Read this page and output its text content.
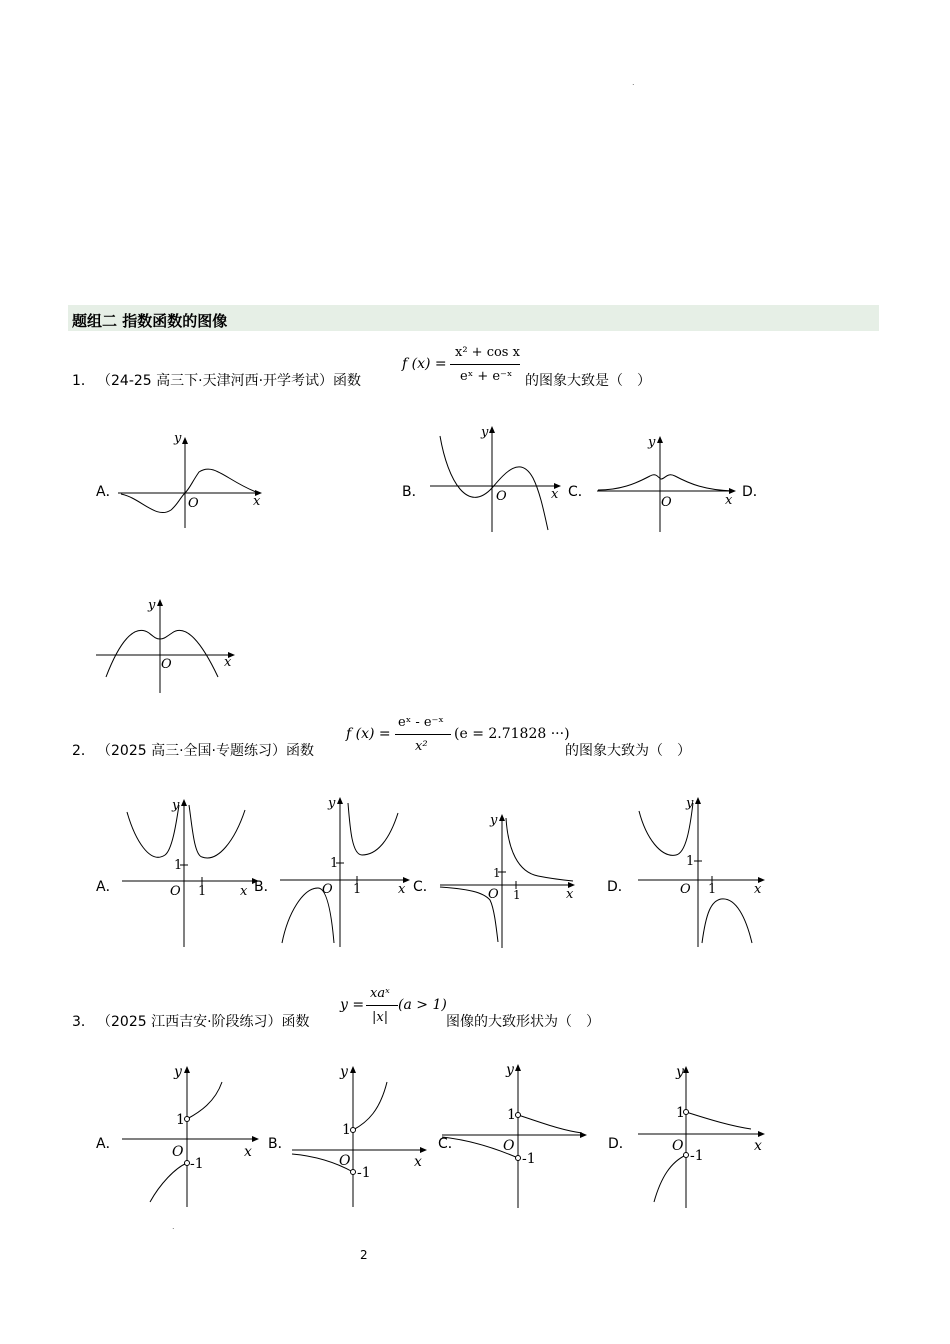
.
题组二 指数函数的图像
1． （24-25 高三下·天津河西·开学考试）函数
f (x) =
x² + cos x
eˣ + e⁻ˣ 的图象大致是（　）
A．	B．	C．	D．
y
O	x
y
O	x
y
O	x
y
O	x
2． （2025 高三·全国·专题练习）函数
f (x) =
eˣ - e⁻ˣ
x²
(e = 2.71828 ···)
的图象大致为（　）
A．	B．	C．	D．
y
1
O 1	x
y
1
O 1	x
y
1
O 1	x
y
1
O 1	x
3． （2025 江西吉安·阶段练习）函数
y =
xaˣ
|x|
(a > 1)
图像的大致形状为（　）
A．	B．	C．	D．
y
1
O
-1
x
y
1
O
-1
x
y
1
O
-1
y
1
O
-1
x
.
2
